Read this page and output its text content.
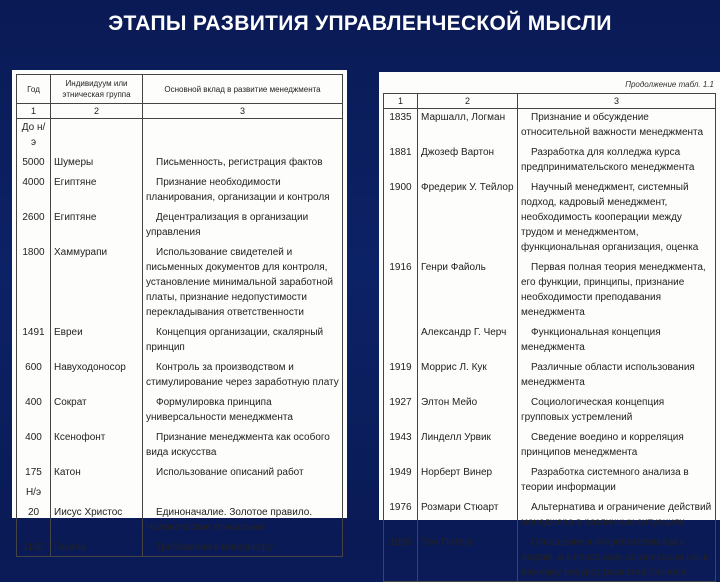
ЭТАПЫ РАЗВИТИЯ УПРАВЛЕНЧЕСКОЙ МЫСЛИ
Год	Индивидуум или этническая группа	Основной вклад в развитие менеджмента
1	2	3
До н/э		
5000	Шумеры	Письменность, регистрация фактов
4000	Египтяне	Признание необходимости планирования, организации и контроля
2600	Египтяне	Децентрализация в организации управления
1800	Хаммурапи	Использование свидетелей и письменных документов для контроля, установление минимальной заработной платы, признание недопустимости перекладывания ответственности
1491	Евреи	Концепция организации, скалярный принцип
600	Навуходоносор	Контроль за производством и стимулирование через заработную плату
400	Сократ	Формулировка принципа универсальности менеджмента
400	Ксенофонт	Признание менеджмента как особого вида искусства
175	Катон	Использование описаний работ
Н/э		
20	Иисус Христос	Единоначалие. Золотое правило. Человеческие отношения
1100	Газали	Требования к менеджеру
Продолжение табл. 1.1
1	2	3
1835	Маршалл, Логман	Признание и обсуждение относительной важности менеджмента
1881	Джозеф Вартон	Разработка для колледжа курса предпринимательского менеджмента
1900	Фредерик У. Тейлор	Научный менеджмент, системный подход, кадровый менеджмент, необходимость кооперации между трудом и менеджментом, функциональная организация, оценка
1916	Генри Файоль	Первая полная теория менеджмента, его функции, принципы, признание необходимости преподавания менеджмента
	Александр Г. Черч	Функциональная концепция менеджмента
1919	Моррис Л. Кук	Различные области использования менеджмента
1927	Элтон Мейо	Социологическая концепция групповых устремлений
1943	Линделл Урвик	Сведение воедино и корреляция принципов менеджмента
1949	Норберт Винер	Разработка системного анализа в теории информации
1976	Розмари Стюарт	Альтернатива и ограничение действий менеджера в различных ситуациях
1985	Том Питерс	Отношение к потребителям как к людям, а к персоналу организации как к важному ресурсу развития бизнеса
